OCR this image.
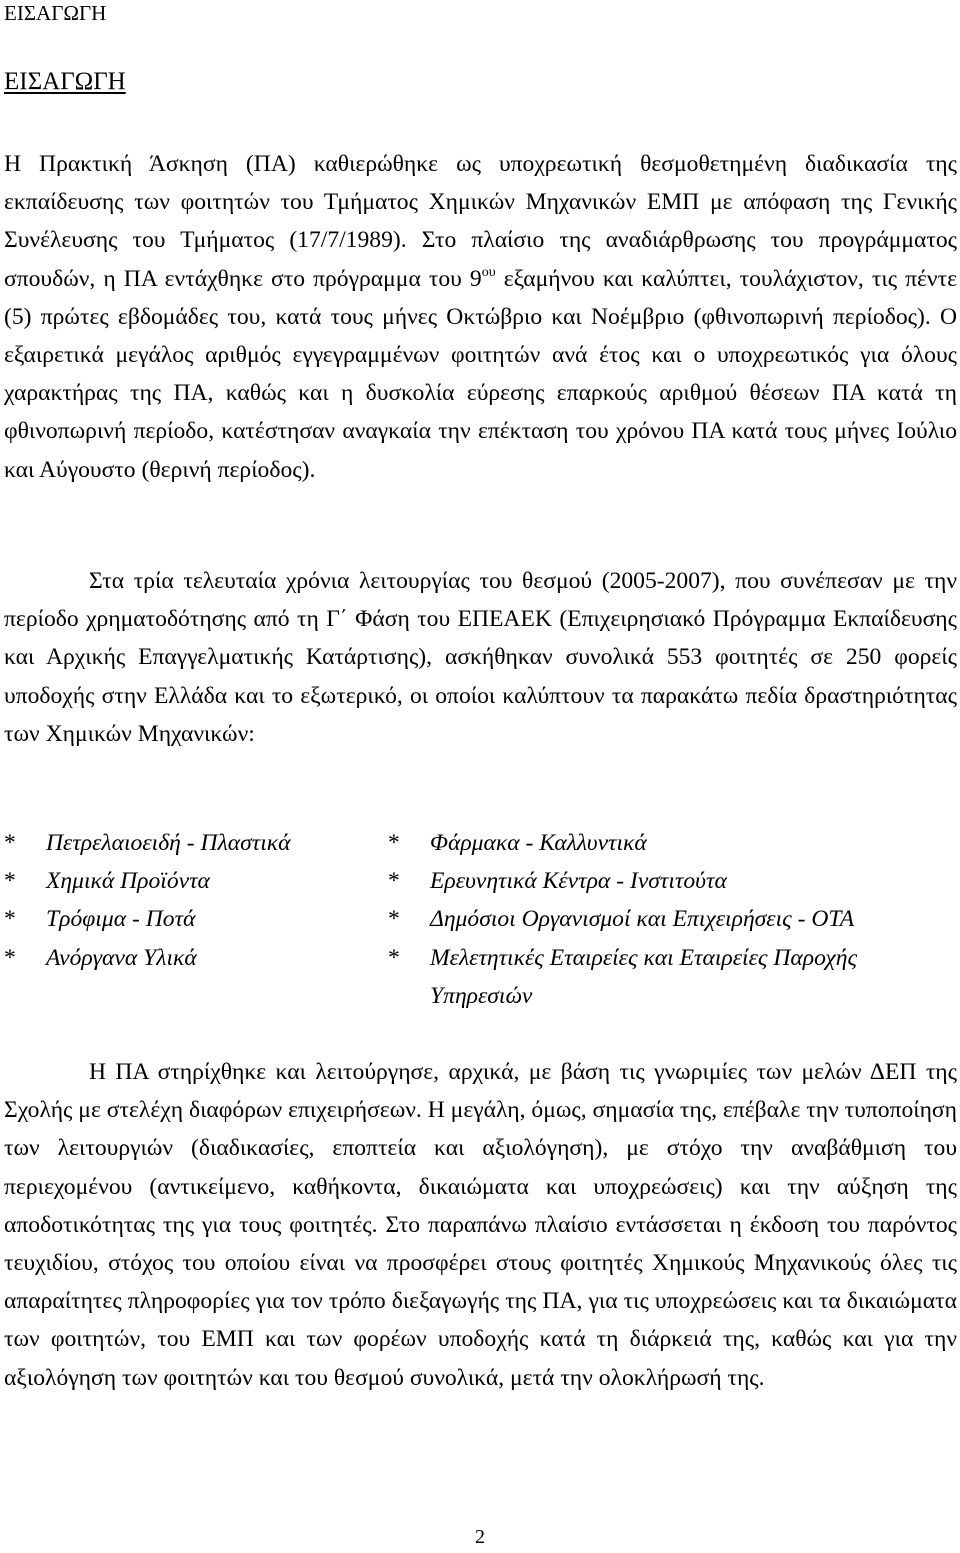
ΕΙΣΑΓΩΓΗ
ΕΙΣΑΓΩΓΗ

Η Πρακτική Άσκηση (ΠΑ) καθιερώθηκε ως υποχρεωτική θεσμοθετημένη διαδικασία της εκπαίδευσης των φοιτητών του Τμήματος Χημικών Μηχανικών ΕΜΠ με απόφαση της Γενικής Συνέλευσης του Τμήματος (17/7/1989). Στο πλαίσιο της αναδιάρθρωσης του προγράμματος σπουδών, η ΠΑ εντάχθηκε στο πρόγραμμα του $9^{o\upsilon}$ εξαμήνου και καλύπτει, τουλάχιστον, τις πέντε (5) πρώτες εβδομάδες του, κατά τους μήνες Οκτώβριο και Νοέμβριο (φθινοπωρινή περίοδος). Ο εξαιρετικά μεγάλος αριθμός εγγεγραμμένων φοιτητών ανά έτος και ο υποχρεωτικός για όλους χαρακτήρας της ΠΑ, καθώς και η δυσκολία εύρεσης επαρκούς αριθμού θέσεων ΠΑ κατά τη φθινοπωρινή περίοδο, κατέστησαν αναγκαία την επέκταση του χρόνου ΠΑ κατά τους μήνες Ιούλιο και Αύγουστο (θερινή περίοδος).

Στα τρία τελευταία χρόνια λειτουργίας του θεσμού (2005-2007), που συνέπεσαν με την περίοδο χρηματοδότησης από τη Γ΄ Φάση του ΕΠΕΑΕΚ (Επιχειρησιακό Πρόγραμμα Εκπαίδευσης και Αρχικής Επαγγελματικής Κατάρτισης), ασκήθηκαν συνολικά 553 φοιτητές σε 250 φορείς υποδοχής στην Ελλάδα και το εξωτερικό, οι οποίοι καλύπτουν τα παρακάτω πεδία δραστηριότητας των Χημικών Μηχανικών:

* Πετρελαιοειδή - Πλαστικά
* Χημικά Προϊόντα
* Τρόφιμα - Ποτά
* Ανόργανα Υλικά
* Φάρμακα - Καλλυντικά
* Ερευνητικά Κέντρα - Ινστιτούτα
* Δημόσιοι Οργανισμοί και Επιχειρήσεις - ΟΤΑ
* Μελετητικές Εταιρείες και Εταιρείες Παροχής Υπηρεσιών

Η ΠΑ στηρίχθηκε και λειτούργησε, αρχικά, με βάση τις γνωριμίες των μελών ΔΕΠ της Σχολής με στελέχη διαφόρων επιχειρήσεων. Η μεγάλη, όμως, σημασία της, επέβαλε την τυποποίηση των λειτουργιών (διαδικασίες, εποπτεία και αξιολόγηση), με στόχο την αναβάθμιση του περιεχομένου (αντικείμενο, καθήκοντα, δικαιώματα και υποχρεώσεις) και την αύξηση της αποδοτικότητας της για τους φοιτητές. Στο παραπάνω πλαίσιο εντάσσεται η έκδοση του παρόντος τευχιδίου, στόχος του οποίου είναι να προσφέρει στους φοιτητές Χημικούς Μηχανικούς όλες τις απαραίτητες πληροφορίες για τον τρόπο διεξαγωγής της ΠΑ, για τις υποχρεώσεις και τα δικαιώματα των φοιτητών, του ΕΜΠ και των φορέων υποδοχής κατά τη διάρκειά της, καθώς και για την αξιολόγηση των φοιτητών και του θεσμού συνολικά, μετά την ολοκλήρωσή της.

2
